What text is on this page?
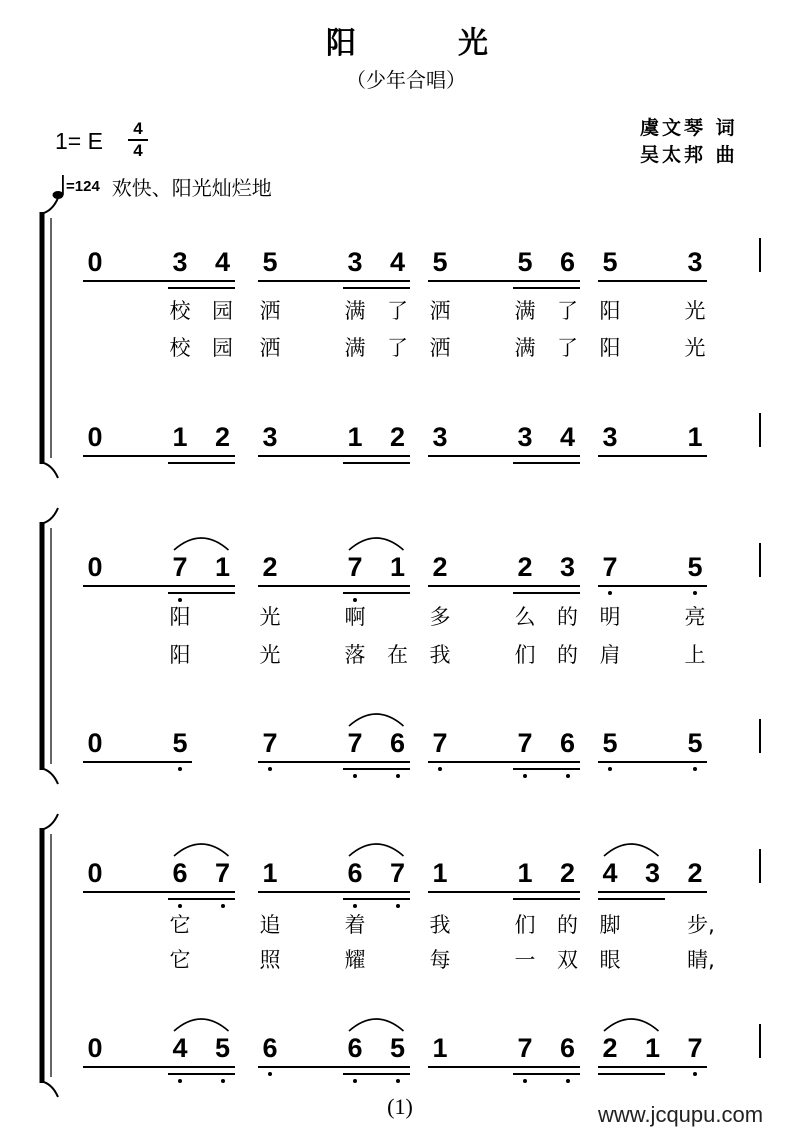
阳	光
（少年合唱）
1= E	4
4
=124 欢快、阳光灿烂地
虞文琴 词
吴太邦 曲
0	3 4 5	3 4 5	5 6 5	3
校 园 洒	满 了 洒	满 了 阳	光
校 园 洒	满 了 洒	满 了 阳	光
0	1 2 3	1 2 3	3 4 3	1
0	7 1 2	7 1 2	2 3 7	5
阳	光	啊	多	么 的 明	亮
阳	光	落 在 我	们 的 肩	上
0	5	7	7 6 7	7 6 5	5
0	6 7 1	6 7 1	1 2 4 3 2
它	追	着	我	们 的 脚	步,
它	照	耀	每	一 双 眼	睛,
0	4 5 6	6 5 1	7 6 2 1 7
(1)	www.jcqupu.com
